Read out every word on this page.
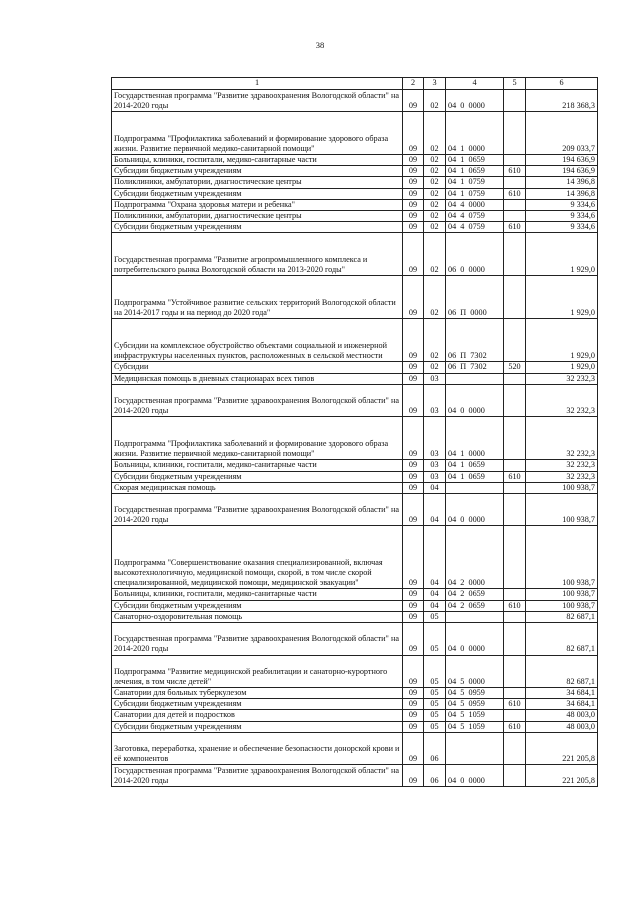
38
1	2	3	4	5	6
Государственная программа "Развитие здравоохранения Вологодской области" на 2014-2020 годы	09	02	04  0  0000		218 368,3
Подпрограмма "Профилактика заболеваний и формирование здорового образа жизни. Развитие первичной медико-санитарной помощи"	09	02	04  1  0000		209 033,7
Больницы, клиники, госпитали, медико-санитарные части	09	02	04  1  0659		194 636,9
Субсидии бюджетным учреждениям	09	02	04  1  0659	610	194 636,9
Поликлиники, амбулатории, диагностические центры	09	02	04  1  0759		14 396,8
Субсидии бюджетным учреждениям	09	02	04  1  0759	610	14 396,8
Подпрограмма "Охрана здоровья матери и ребенка"	09	02	04  4  0000		9 334,6
Поликлиники, амбулатории, диагностические центры	09	02	04  4  0759		9 334,6
Субсидии бюджетным учреждениям	09	02	04  4  0759	610	9 334,6
Государственная программа "Развитие агропромышленного комплекса и потребительского рынка Вологодской области на 2013-2020 годы"	09	02	06  0  0000		1 929,0
Подпрограмма "Устойчивое развитие сельских территорий Вологодской области на 2014-2017 годы и на период до 2020 года"	09	02	06  П  0000		1 929,0
Субсидии на комплексное обустройство объектами социальной и инженерной инфраструктуры населенных пунктов, расположенных в сельской местности	09	02	06  П  7302		1 929,0
Субсидии	09	02	06  П  7302	520	1 929,0
Медицинская помощь в дневных стационарах всех типов	09	03			32 232,3
Государственная программа "Развитие здравоохранения Вологодской области" на 2014-2020 годы	09	03	04  0  0000		32 232,3
Подпрограмма "Профилактика заболеваний и формирование здорового образа жизни. Развитие первичной медико-санитарной помощи"	09	03	04  1  0000		32 232,3
Больницы, клиники, госпитали, медико-санитарные части	09	03	04  1  0659		32 232,3
Субсидии бюджетным учреждениям	09	03	04  1  0659	610	32 232,3
Скорая медицинская помощь	09	04			100 938,7
Государственная программа "Развитие здравоохранения Вологодской области" на 2014-2020 годы	09	04	04  0  0000		100 938,7
Подпрограмма "Совершенствование оказания специализированной, включая высокотехнологичную, медицинской помощи, скорой, в том числе скорой специализированной, медицинской помощи, медицинской эвакуации"	09	04	04  2  0000		100 938,7
Больницы, клиники, госпитали, медико-санитарные части	09	04	04  2  0659		100 938,7
Субсидии бюджетным учреждениям	09	04	04  2  0659	610	100 938,7
Санаторно-оздоровительная помощь	09	05			82 687,1
Государственная программа "Развитие здравоохранения Вологодской области" на 2014-2020 годы	09	05	04  0  0000		82 687,1
Подпрограмма "Развитие медицинской реабилитации и санаторно-курортного лечения, в том числе детей"	09	05	04  5  0000		82 687,1
Санатории для больных туберкулезом	09	05	04  5  0959		34 684,1
Субсидии бюджетным учреждениям	09	05	04  5  0959	610	34 684,1
Санатории для детей и подростков	09	05	04  5  1059		48 003,0
Субсидии бюджетным учреждениям	09	05	04  5  1059	610	48 003,0
Заготовка, переработка, хранение и обеспечение безопасности донорской крови и её компонентов	09	06			221 205,8
Государственная программа "Развитие здравоохранения Вологодской области" на 2014-2020 годы	09	06	04  0  0000		221 205,8
